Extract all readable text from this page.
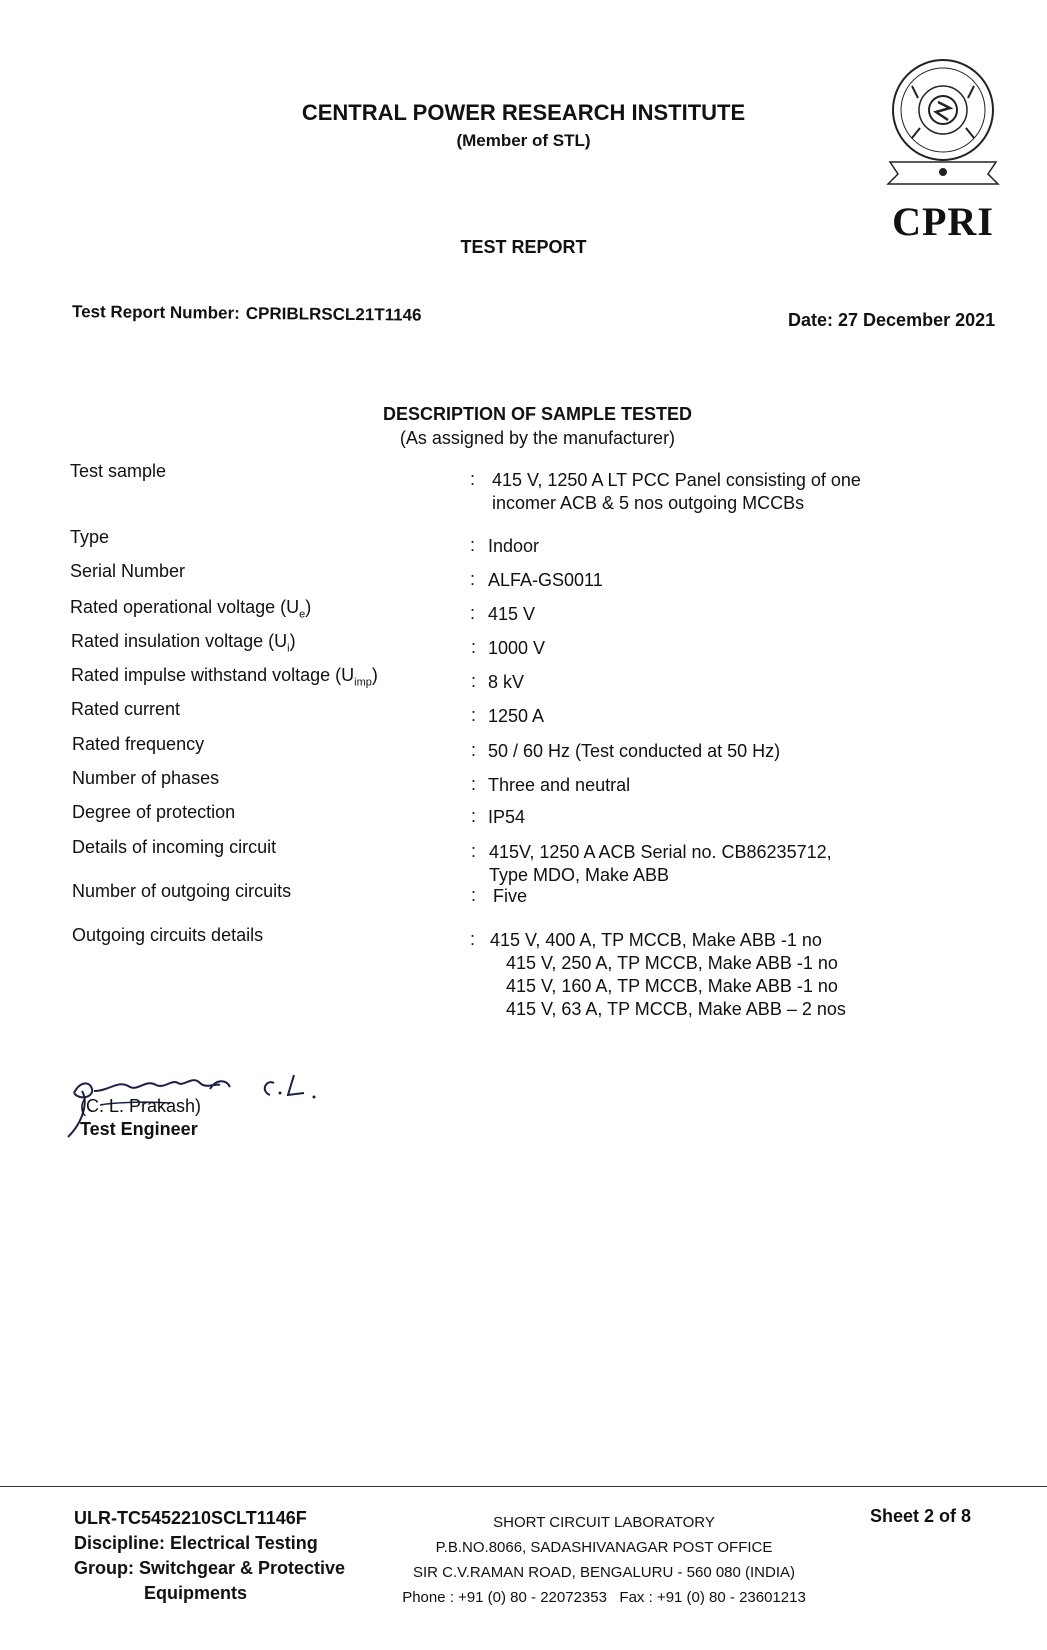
CENTRAL POWER RESEARCH INSTITUTE
(Member of STL)
CPRI
TEST REPORT
Test Report Number: CPRIBLRSCL21T1146	Date: 27 December 2021
DESCRIPTION OF SAMPLE TESTED
(As assigned by the manufacturer)
Test sample	: 415 V, 1250 A LT PCC Panel consisting of one
incomer ACB & 5 nos outgoing MCCBs
Type	: Indoor
Serial Number	: ALFA-GS0011
Rated operational voltage $(U_e)$	: 415 V
Rated insulation voltage $(U_i)$	: 1000 V
Rated impulse withstand voltage $(U_{imp})$	: 8 kV
Rated current	: 1250 A
Rated frequency	: 50 / 60 Hz (Test conducted at 50 Hz)
Number of phases	: Three and neutral
Degree of protection	: IP54
Details of incoming circuit	: 415V, 1250 A ACB Serial no. CB86235712,
Type MDO, Make ABB
Number of outgoing circuits	: Five
Outgoing circuits details	: 415 V, 400 A, TP MCCB, Make ABB -1 no
415 V, 250 A, TP MCCB, Make ABB -1 no
415 V, 160 A, TP MCCB, Make ABB -1 no
415 V, 63 A, TP MCCB, Make ABB – 2 nos
(C. L. Prakash)
Test Engineer
ULR-TC5452210SCLT1146F
Discipline: Electrical Testing
Group: Switchgear & Protective
Equipments
SHORT CIRCUIT LABORATORY
P.B.NO.8066, SADASHIVANAGAR POST OFFICE
SIR C.V.RAMAN ROAD, BENGALURU - 560 080 (INDIA)
Phone : +91 (0) 80 - 22072353   Fax : +91 (0) 80 - 23601213
Sheet 2 of 8
